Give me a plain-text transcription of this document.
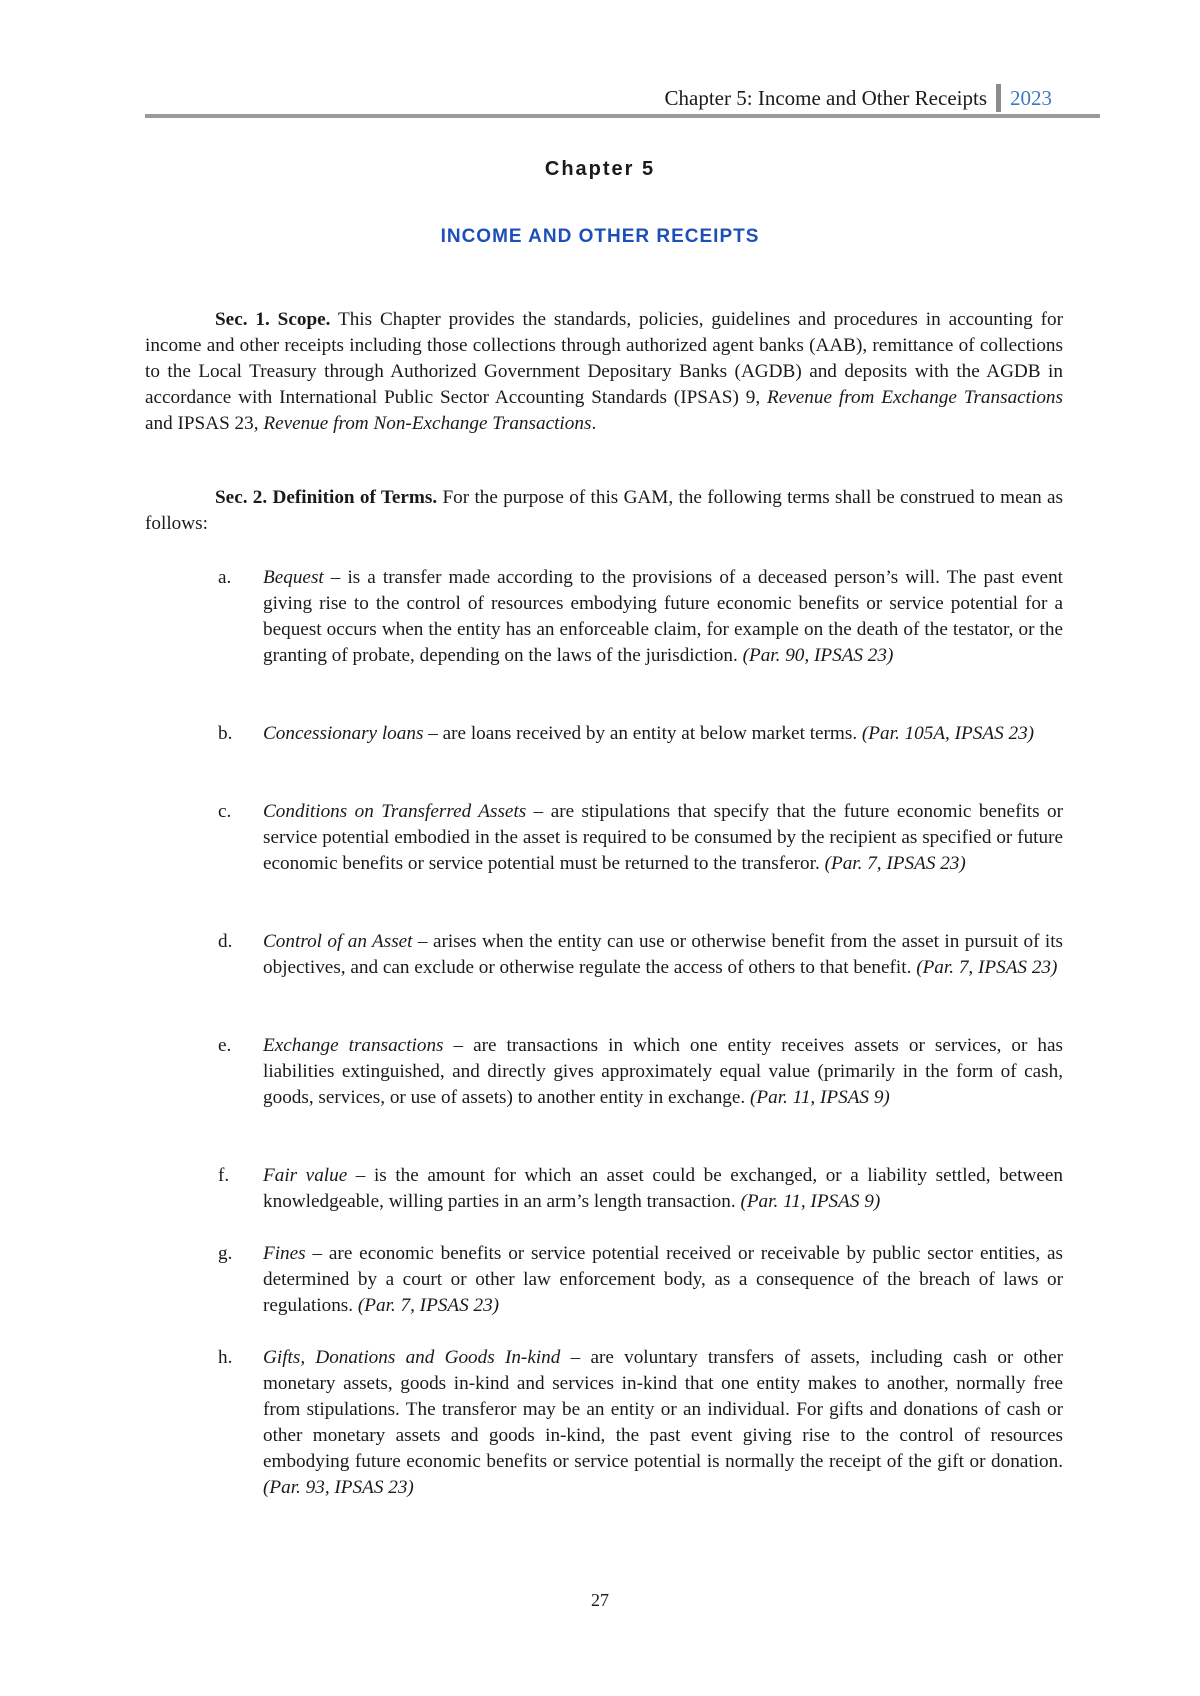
Chapter 5: Income and Other Receipts 2023
Chapter 5
INCOME AND OTHER RECEIPTS
Sec. 1. Scope. This Chapter provides the standards, policies, guidelines and procedures in accounting for income and other receipts including those collections through authorized agent banks (AAB), remittance of collections to the Local Treasury through Authorized Government Depositary Banks (AGDB) and deposits with the AGDB in accordance with International Public Sector Accounting Standards (IPSAS) 9, Revenue from Exchange Transactions and IPSAS 23, Revenue from Non-Exchange Transactions.
Sec. 2. Definition of Terms. For the purpose of this GAM, the following terms shall be construed to mean as follows:
a. Bequest – is a transfer made according to the provisions of a deceased person’s will. The past event giving rise to the control of resources embodying future economic benefits or service potential for a bequest occurs when the entity has an enforceable claim, for example on the death of the testator, or the granting of probate, depending on the laws of the jurisdiction. (Par. 90, IPSAS 23)
b. Concessionary loans – are loans received by an entity at below market terms. (Par. 105A, IPSAS 23)
c. Conditions on Transferred Assets – are stipulations that specify that the future economic benefits or service potential embodied in the asset is required to be consumed by the recipient as specified or future economic benefits or service potential must be returned to the transferor. (Par. 7, IPSAS 23)
d. Control of an Asset – arises when the entity can use or otherwise benefit from the asset in pursuit of its objectives, and can exclude or otherwise regulate the access of others to that benefit. (Par. 7, IPSAS 23)
e. Exchange transactions – are transactions in which one entity receives assets or services, or has liabilities extinguished, and directly gives approximately equal value (primarily in the form of cash, goods, services, or use of assets) to another entity in exchange. (Par. 11, IPSAS 9)
f. Fair value – is the amount for which an asset could be exchanged, or a liability settled, between knowledgeable, willing parties in an arm’s length transaction. (Par. 11, IPSAS 9)
g. Fines – are economic benefits or service potential received or receivable by public sector entities, as determined by a court or other law enforcement body, as a consequence of the breach of laws or regulations. (Par. 7, IPSAS 23)
h. Gifts, Donations and Goods In-kind – are voluntary transfers of assets, including cash or other monetary assets, goods in-kind and services in-kind that one entity makes to another, normally free from stipulations. The transferor may be an entity or an individual. For gifts and donations of cash or other monetary assets and goods in-kind, the past event giving rise to the control of resources embodying future economic benefits or service potential is normally the receipt of the gift or donation. (Par. 93, IPSAS 23)
27
